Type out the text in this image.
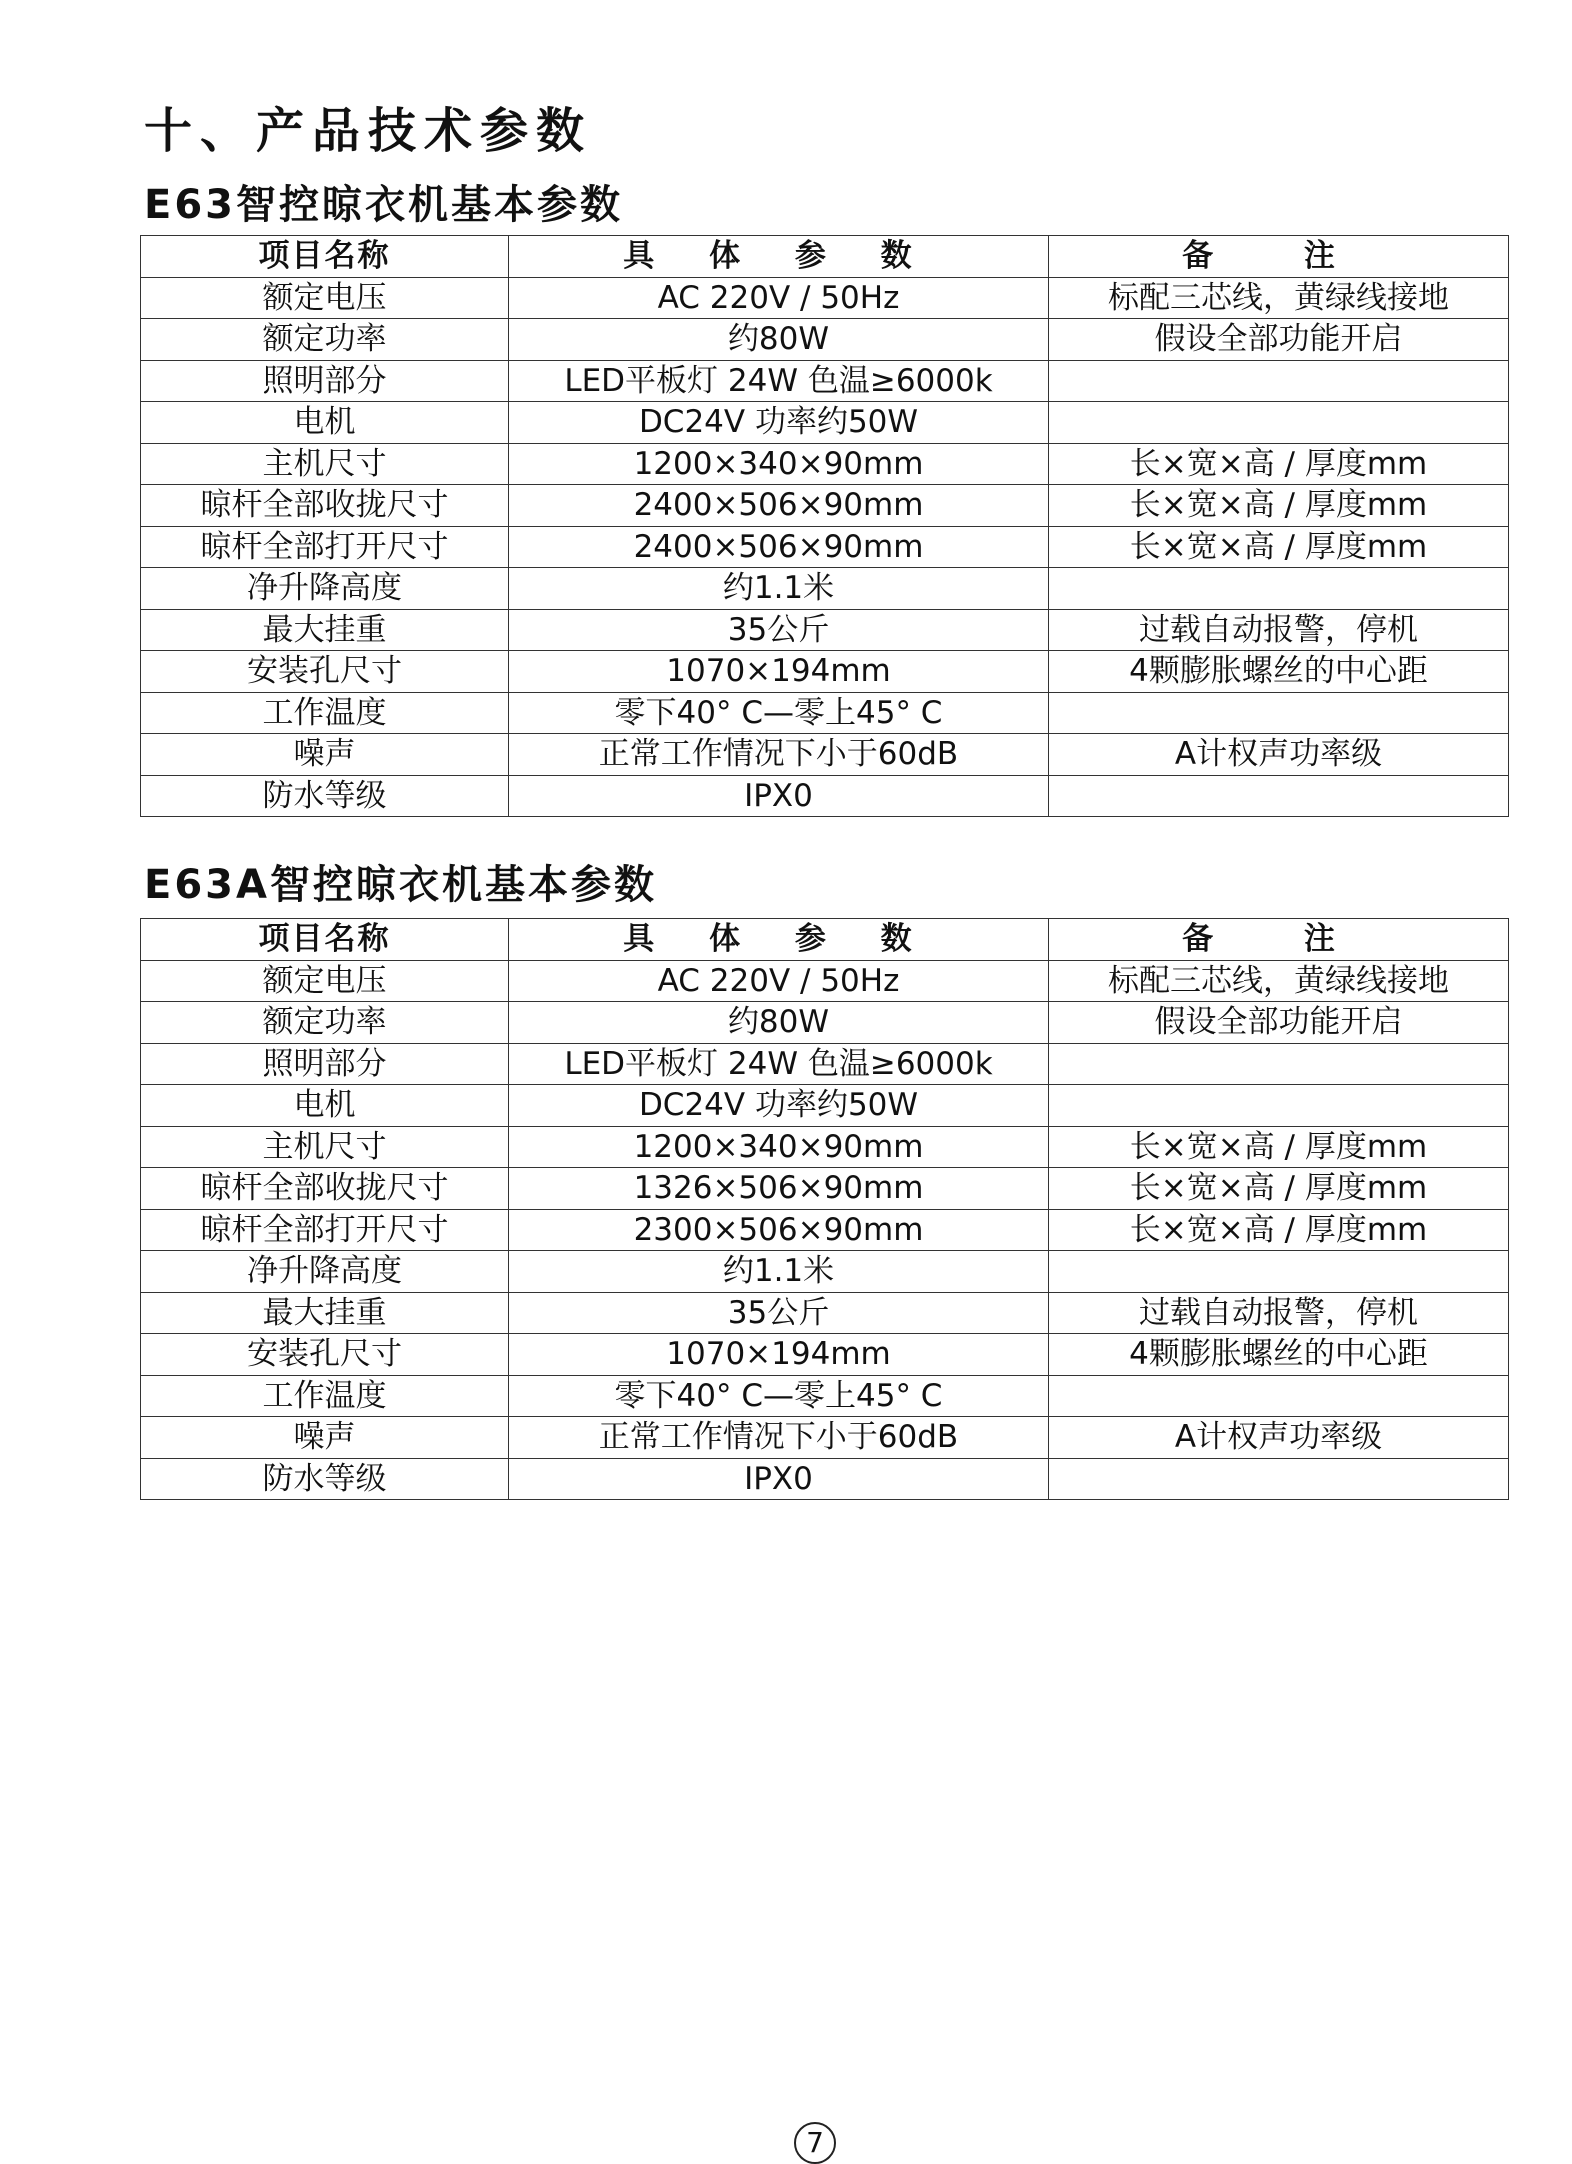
十、产品技术参数
E63智控晾衣机基本参数
项目名称	具 体 参 数	备 注
额定电压	AC 220V / 50Hz	标配三芯线，黄绿线接地
额定功率	约80W	假设全部功能开启
照明部分	LED平板灯 24W 色温≥6000k	
电机	DC24V 功率约50W	
主机尺寸	1200×340×90mm	长×宽×高 / 厚度mm
晾杆全部收拢尺寸	2400×506×90mm	长×宽×高 / 厚度mm
晾杆全部打开尺寸	2400×506×90mm	长×宽×高 / 厚度mm
净升降高度	约1.1米	
最大挂重	35公斤	过载自动报警，停机
安装孔尺寸	1070×194mm	4颗膨胀螺丝的中心距
工作温度	零下40° C—零上45° C	
噪声	正常工作情况下小于60dB	A计权声功率级
防水等级	IPX0	
E63A智控晾衣机基本参数
项目名称	具 体 参 数	备 注
额定电压	AC 220V / 50Hz	标配三芯线，黄绿线接地
额定功率	约80W	假设全部功能开启
照明部分	LED平板灯 24W 色温≥6000k	
电机	DC24V 功率约50W	
主机尺寸	1200×340×90mm	长×宽×高 / 厚度mm
晾杆全部收拢尺寸	1326×506×90mm	长×宽×高 / 厚度mm
晾杆全部打开尺寸	2300×506×90mm	长×宽×高 / 厚度mm
净升降高度	约1.1米	
最大挂重	35公斤	过载自动报警，停机
安装孔尺寸	1070×194mm	4颗膨胀螺丝的中心距
工作温度	零下40° C—零上45° C	
噪声	正常工作情况下小于60dB	A计权声功率级
防水等级	IPX0	
7
